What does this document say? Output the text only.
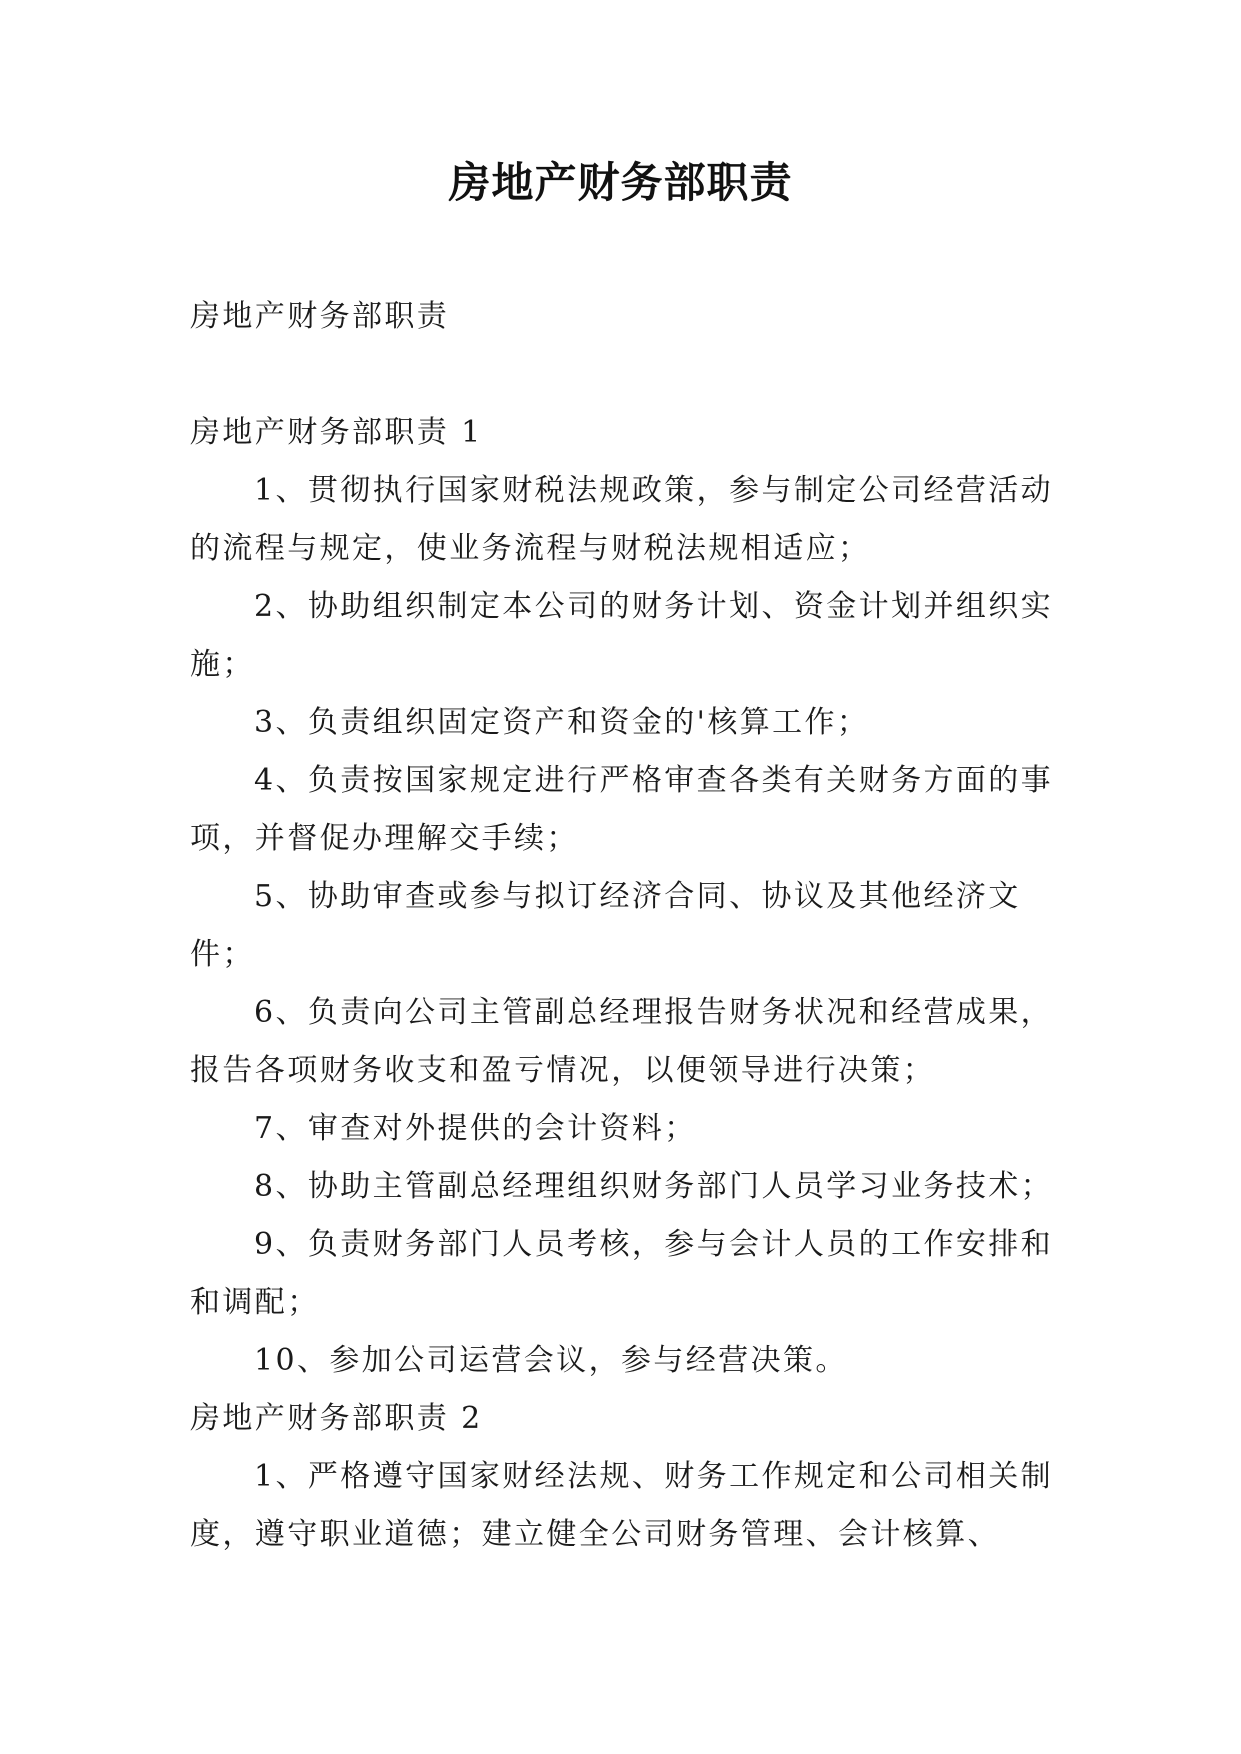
房地产财务部职责

房地产财务部职责

房地产财务部职责 1

1、贯彻执行国家财税法规政策，参与制定公司经营活动的流程与规定，使业务流程与财税法规相适应；

2、协助组织制定本公司的财务计划、资金计划并组织实施；

3、负责组织固定资产和资金的'核算工作；

4、负责按国家规定进行严格审查各类有关财务方面的事项，并督促办理解交手续；

5、协助审查或参与拟订经济合同、协议及其他经济文件；

6、负责向公司主管副总经理报告财务状况和经营成果，报告各项财务收支和盈亏情况，以便领导进行决策；

7、审查对外提供的会计资料；

8、协助主管副总经理组织财务部门人员学习业务技术；

9、负责财务部门人员考核，参与会计人员的工作安排和和调配；

10、参加公司运营会议，参与经营决策。

房地产财务部职责 2

1、严格遵守国家财经法规、财务工作规定和公司相关制度，遵守职业道德；建立健全公司财务管理、会计核算、
